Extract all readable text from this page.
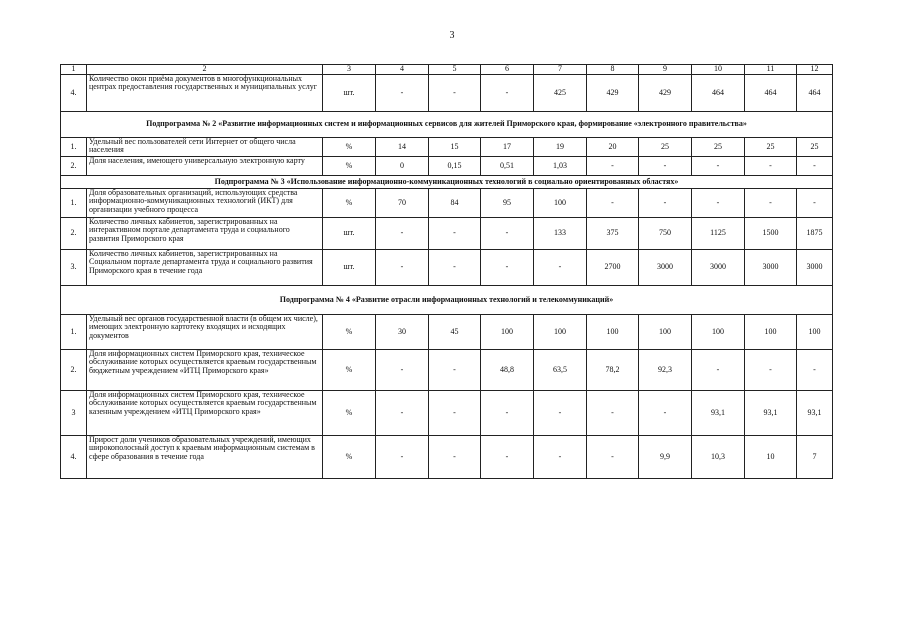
3
1	2	3	4	5	6	7	8	9	10	11	12
4.	Количество окон приёма документов в многофункциональных центрах предоставления государственных и муниципальных услуг	шт.	-	-	-	425	429	429	464	464	464
Подпрограмма № 2 «Развитие информационных систем и информационных сервисов для жителей Приморского края, формирование «электронного правительства»											
1.	Удельный вес пользователей сети Интернет от общего числа населения	%	14	15	17	19	20	25	25	25	25
2.	Доля населения, имеющего универсальную электронную карту	%	0	0,15	0,51	1,03	-	-	-	-	-
Подпрограмма № 3 «Использование информационно-коммуникационных технологий в социально ориентированных областях»											
1.	Доля образовательных организаций, использующих средства информационно-коммуникационных технологий (ИКТ) для организации учебного процесса	%	70	84	95	100	-	-	-	-	-
2.	Количество личных кабинетов, зарегистрированных на интерактивном портале департамента труда и социального развития Приморского края	шт.	-	-	-	133	375	750	1125	1500	1875
3.	Количество личных кабинетов, зарегистрированных на Социальном портале департамента труда и социального развития Приморского края в течение года	шт.	-	-	-	-	2700	3000	3000	3000	3000
Подпрограмма № 4 «Развитие отрасли информационных технологий и телекоммуникаций»											
1.	Удельный вес органов государственной власти (в общем их числе), имеющих электронную картотеку входящих и исходящих документов	%	30	45	100	100	100	100	100	100	100
2.	Доля информационных систем Приморского края, техническое обслуживание которых осуществляется краевым государственным бюджетным учреждением «ИТЦ Приморского края»	%	-	-	48,8	63,5	78,2	92,3	-	-	-
3	Доля информационных систем Приморского края, техническое обслуживание которых осуществляется краевым государственным казенным учреждением «ИТЦ Приморского края»	%	-	-	-	-	-	-	93,1	93,1	93,1
4.	Прирост доли учеников образовательных учреждений, имеющих широкополосный доступ к краевым информационным системам в сфере образования в течение года	%	-	-	-	-	-	9,9	10,3	10	7
